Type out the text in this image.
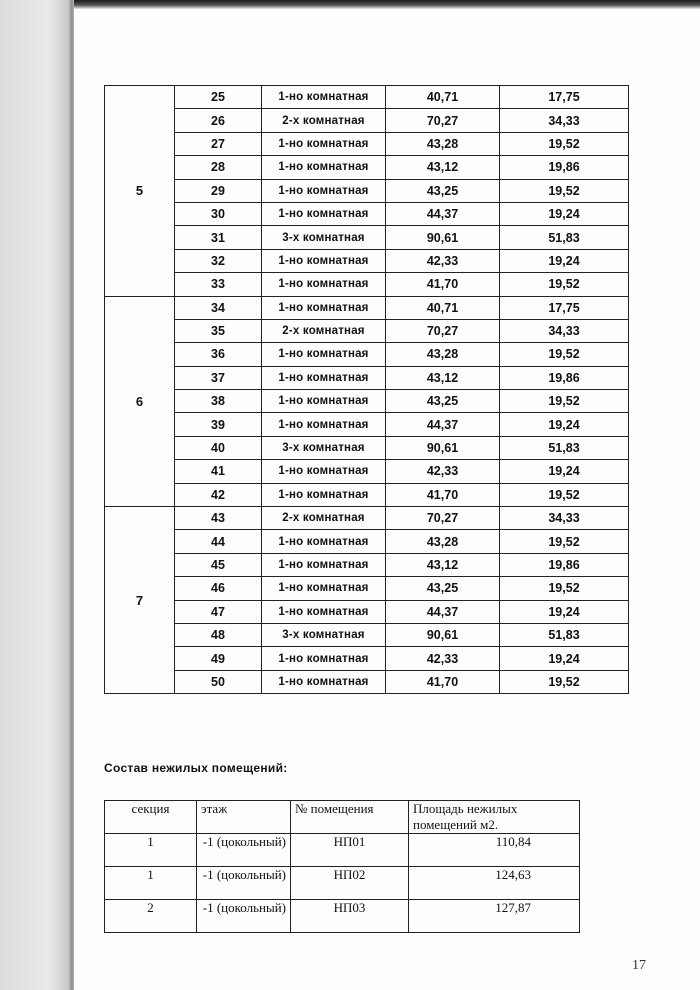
5	25	1-но комнатная	40,71	17,75
	26	2-х комнатная	70,27	34,33
	27	1-но комнатная	43,28	19,52
	28	1-но комнатная	43,12	19,86
	29	1-но комнатная	43,25	19,52
	30	1-но комнатная	44,37	19,24
	31	3-х комнатная	90,61	51,83
	32	1-но комнатная	42,33	19,24
	33	1-но комнатная	41,70	19,52
6	34	1-но комнатная	40,71	17,75
	35	2-х комнатная	70,27	34,33
	36	1-но комнатная	43,28	19,52
	37	1-но комнатная	43,12	19,86
	38	1-но комнатная	43,25	19,52
	39	1-но комнатная	44,37	19,24
	40	3-х комнатная	90,61	51,83
	41	1-но комнатная	42,33	19,24
	42	1-но комнатная	41,70	19,52
7	43	2-х комнатная	70,27	34,33
	44	1-но комнатная	43,28	19,52
	45	1-но комнатная	43,12	19,86
	46	1-но комнатная	43,25	19,52
	47	1-но комнатная	44,37	19,24
	48	3-х комнатная	90,61	51,83
	49	1-но комнатная	42,33	19,24
	50	1-но комнатная	41,70	19,52
Состав нежилых помещений:
секция	этаж	№ помещения	Площадь нежилых помещений м2.
1	-1 (цокольный)	НП01	110,84
1	-1 (цокольный)	НП02	124,63
2	-1 (цокольный)	НП03	127,87
17
